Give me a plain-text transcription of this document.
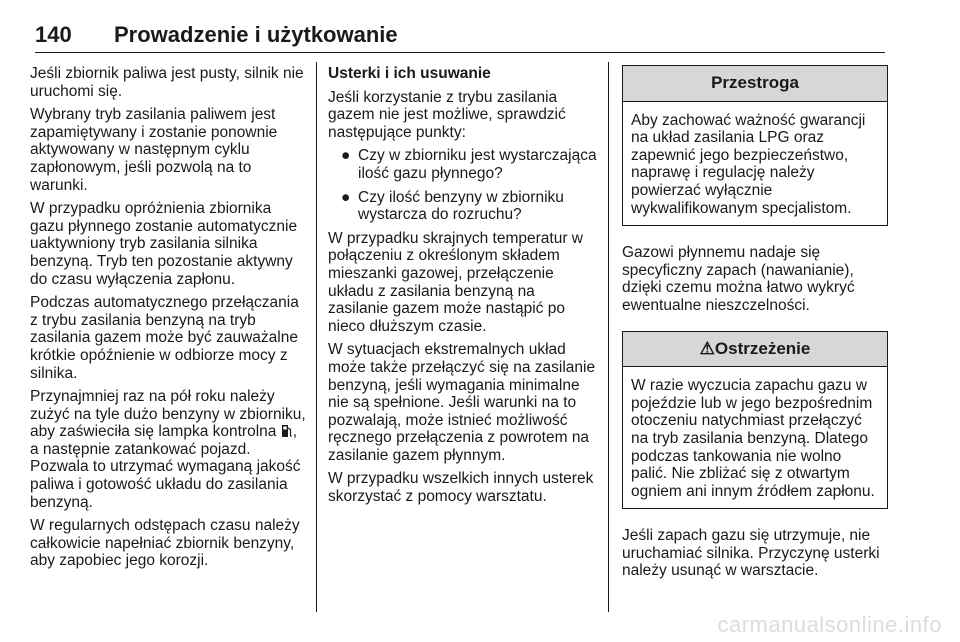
140 Prowadzenie i użytkowanie

Jeśli zbiornik paliwa jest pusty, silnik nie uruchomi się.

Wybrany tryb zasilania paliwem jest zapamiętywany i zostanie ponownie aktywowany w następnym cyklu zapłonowym, jeśli pozwolą na to warunki.

W przypadku opróżnienia zbiornika gazu płynnego zostanie automatycznie uaktywniony tryb zasilania silnika benzyną. Tryb ten pozostanie aktywny do czasu wyłączenia zapłonu.

Podczas automatycznego przełączania z trybu zasilania benzyną na tryb zasilania gazem może być zauważalne krótkie opóźnienie w odbiorze mocy z silnika.

Przynajmniej raz na pół roku należy zużyć na tyle dużo benzyny w zbiorniku, aby zaświeciła się lampka kontrolna , a następnie zatankować pojazd. Pozwala to utrzymać wymaganą jakość paliwa i gotowość układu do zasilania benzyną.

W regularnych odstępach czasu należy całkowicie napełniać zbiornik benzyny, aby zapobiec jego korozji.

Usterki i ich usuwanie

Jeśli korzystanie z trybu zasilania gazem nie jest możliwe, sprawdzić następujące punkty:

● Czy w zbiorniku jest wystarczająca ilość gazu płynnego?
● Czy ilość benzyny w zbiorniku wystarcza do rozruchu?

W przypadku skrajnych temperatur w połączeniu z określonym składem mieszanki gazowej, przełączenie układu z zasilania benzyną na zasilanie gazem może nastąpić po nieco dłuższym czasie.

W sytuacjach ekstremalnych układ może także przełączyć się na zasilanie benzyną, jeśli wymagania minimalne nie są spełnione. Jeśli warunki na to pozwalają, może istnieć możliwość ręcznego przełączenia z powrotem na zasilanie gazem płynnym.

W przypadku wszelkich innych usterek skorzystać z pomocy warsztatu.

Przestroga
Aby zachować ważność gwarancji na układ zasilania LPG oraz zapewnić jego bezpieczeństwo, naprawę i regulację należy powierzać wyłącznie wykwalifikowanym specjalistom.

Gazowi płynnemu nadaje się specyficzny zapach (nawanianie), dzięki czemu można łatwo wykryć ewentualne nieszczelności.

⚠Ostrzeżenie
W razie wyczucia zapachu gazu w pojeździe lub w jego bezpośrednim otoczeniu natychmiast przełączyć na tryb zasilania benzyną. Dlatego podczas tankowania nie wolno palić. Nie zbliżać się z otwartym ogniem ani innym źródłem zapłonu.

Jeśli zapach gazu się utrzymuje, nie uruchamiać silnika. Przyczynę usterki należy usunąć w warsztacie.

carmanualsonline.info
